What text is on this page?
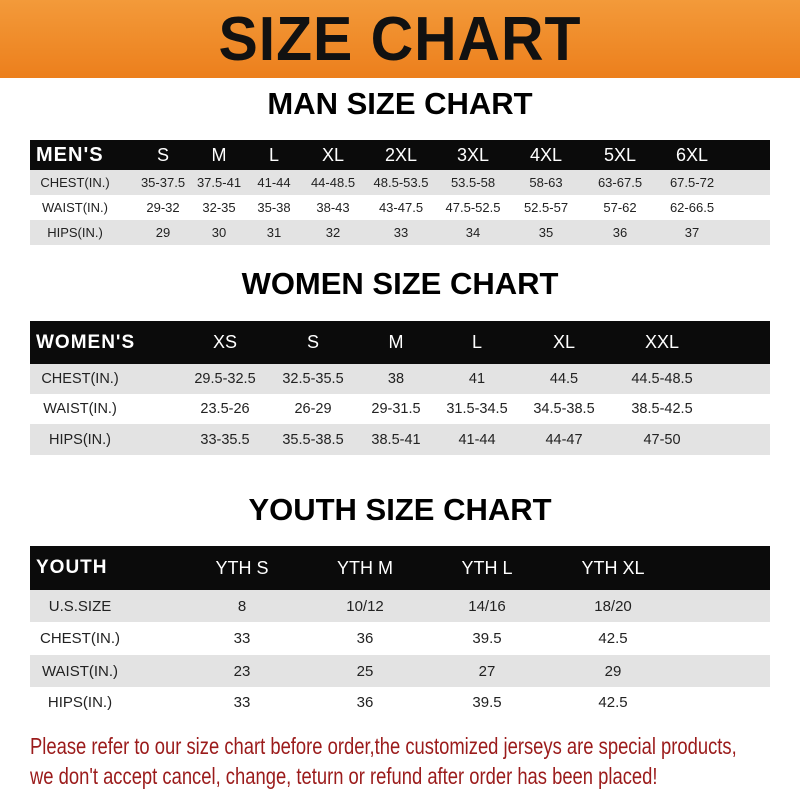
SIZE CHART
MAN SIZE CHART
MEN'S	S M L XL 2XL 3XL 4XL 5XL 6XL
CHEST(IN.) 35-37.5 37.5-41 41-44 44-48.5 48.5-53.5 53.5-58	58-63	63-67.5 67.5-72
WAIST(IN.)	29-32 32-35 35-38 38-43 43-47.5 47.5-52.5 52.5-57	57-62	62-66.5
HIPS(IN.)	29	30	31	32	33	34	35	36	37
WOMEN SIZE CHART
WOMEN'S	XS	S	M	L	XL	XXL
CHEST(IN.)	29.5-32.5 32.5-35.5	38	41	44.5	44.5-48.5
WAIST(IN.)	23.5-26	26-29	29-31.5 31.5-34.5 34.5-38.5	38.5-42.5
HIPS(IN.)	33-35.5 35.5-38.5 38.5-41	41-44	44-47	47-50
YOUTH SIZE CHART
YOUTH	YTH S	YTH M	YTH L	YTH XL
U.S.SIZE	8	10/12	14/16	18/20
CHEST(IN.)	33	36	39.5	42.5
WAIST(IN.)	23	25	27	29
HIPS(IN.)	33	36	39.5	42.5
Please refer to our size chart before order,the customized jerseys are special products,
we don't accept cancel, change, teturn or refund after order has been placed!
